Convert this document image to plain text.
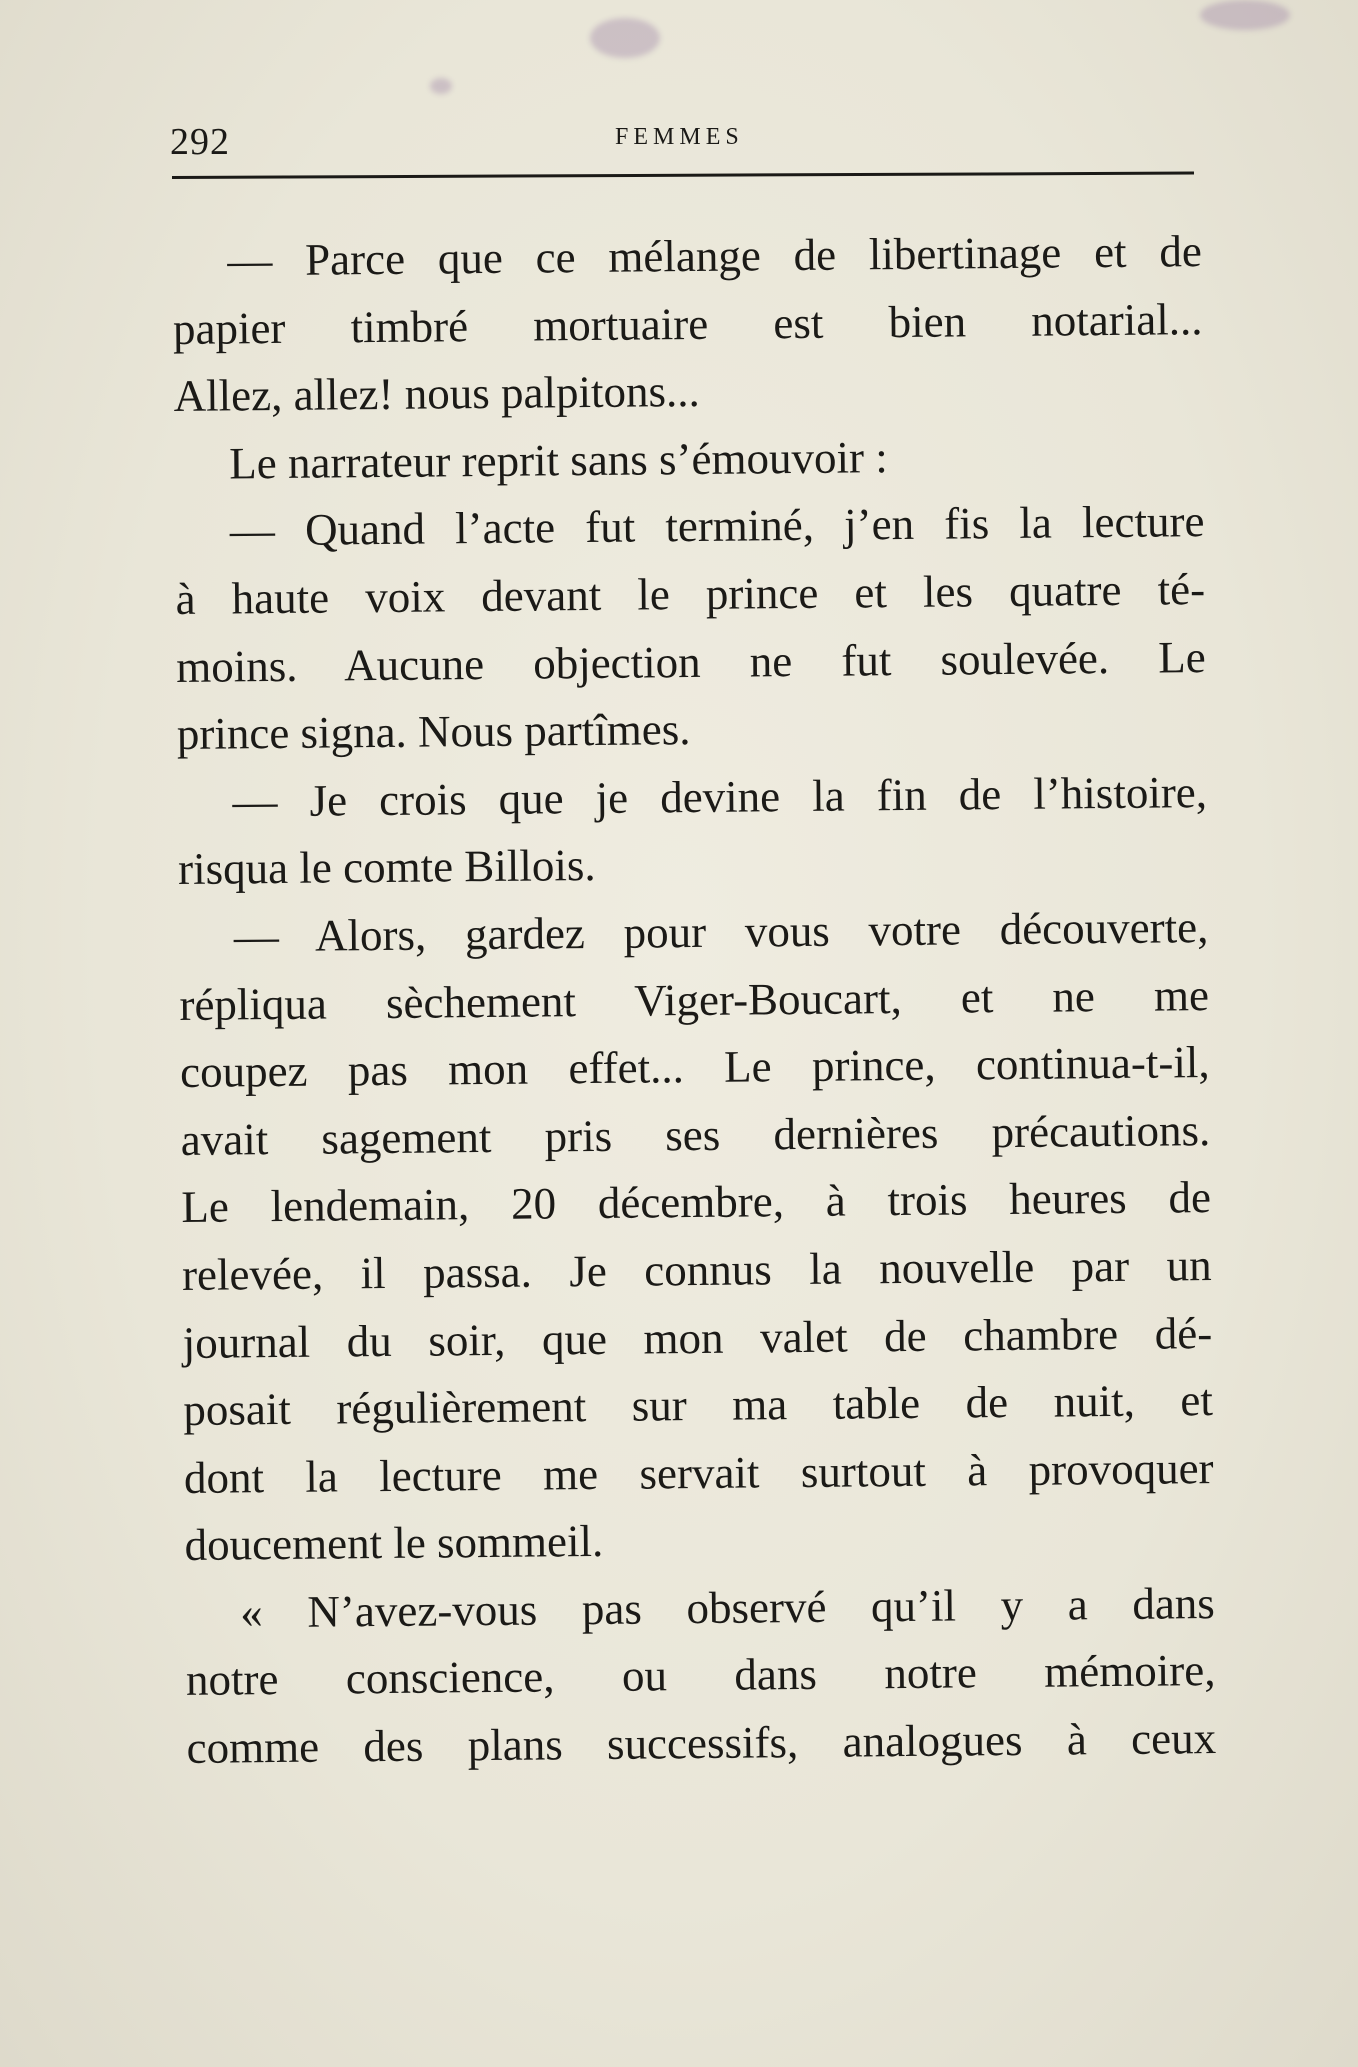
292	FEMMES
— Parce que ce mélange de libertinage et de
papier timbré mortuaire est bien notarial...
Allez, allez! nous palpitons...
Le narrateur reprit sans s’émouvoir :
— Quand l’acte fut terminé, j’en fis la lecture
à haute voix devant le prince et les quatre té-
moins. Aucune objection ne fut soulevée. Le
prince signa. Nous partîmes.
— Je crois que je devine la fin de l’histoire,
risqua le comte Billois.
— Alors, gardez pour vous votre découverte,
répliqua sèchement Viger-Boucart, et ne me
coupez pas mon effet... Le prince, continua-t-il,
avait sagement pris ses dernières précautions.
Le lendemain, 20 décembre, à trois heures de
relevée, il passa. Je connus la nouvelle par un
journal du soir, que mon valet de chambre dé-
posait régulièrement sur ma table de nuit, et
dont la lecture me servait surtout à provoquer
doucement le sommeil.
« N’avez-vous pas observé qu’il y a dans
notre conscience, ou dans notre mémoire,
comme des plans successifs, analogues à ceux
